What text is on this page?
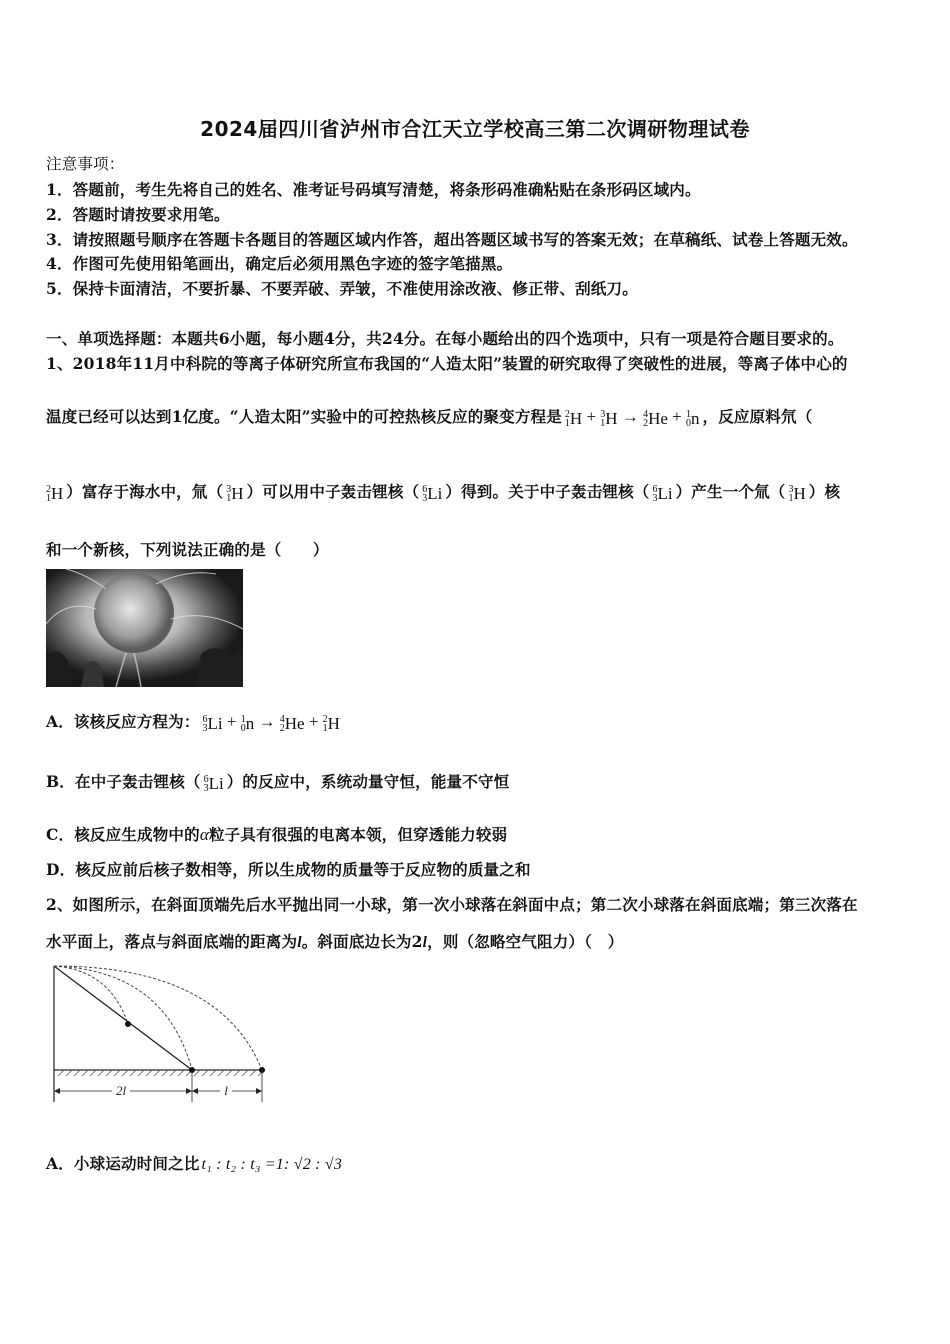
2024届四川省泸州市合江天立学校高三第二次调研物理试卷
注意事项：
1．答题前，考生先将自己的姓名、准考证号码填写清楚，将条形码准确粘贴在条形码区域内。
2．答题时请按要求用笔。
3．请按照题号顺序在答题卡各题目的答题区域内作答，超出答题区域书写的答案无效；在草稿纸、试卷上答题无效。
4．作图可先使用铅笔画出，确定后必须用黑色字迹的签字笔描黑。
5．保持卡面清洁，不要折暴、不要弄破、弄皱，不准使用涂改液、修正带、刮纸刀。
一、单项选择题：本题共6小题，每小题4分，共24分。在每小题给出的四个选项中，只有一项是符合题目要求的。
1、2018年11月中科院的等离子体研究所宣布我国的“人造太阳”装置的研究取得了突破性的进展，等离子体中心的
温度已经可以达到1亿度。“人造太阳”实验中的可控热核反应的聚变方程是 2
1 H + 3
1 H → 4
2 He + 1
0 n ，反应原料氘（
2
1 H ）富存于海水中，氚（ 3
1 H ）可以用中子轰击锂核（ 6
3 Li ）得到。关于中子轰击锂核（ 6
3 Li ）产生一个氚（ 3
1 H ）核
和一个新核，下列说法正确的是（　　）
A．该核反应方程为： 6
3 Li + 1
0 n → 4
2 He + 2
1 H
B．在中子轰击锂核（ 6
3 Li ）的反应中，系统动量守恒，能量不守恒
C．核反应生成物中的α粒子具有很强的电离本领，但穿透能力较弱
D．核反应前后核子数相等，所以生成物的质量等于反应物的质量之和
2、如图所示，在斜面顶端先后水平抛出同一小球，第一次小球落在斜面中点；第二次小球落在斜面底端；第三次落在
水平面上，落点与斜面底端的距离为l。斜面底边长为2l，则（忽略空气阻力）（　）
2l	l
A．小球运动时间之比 t₁ : t₂ : t₃ =1: √2 : √3
